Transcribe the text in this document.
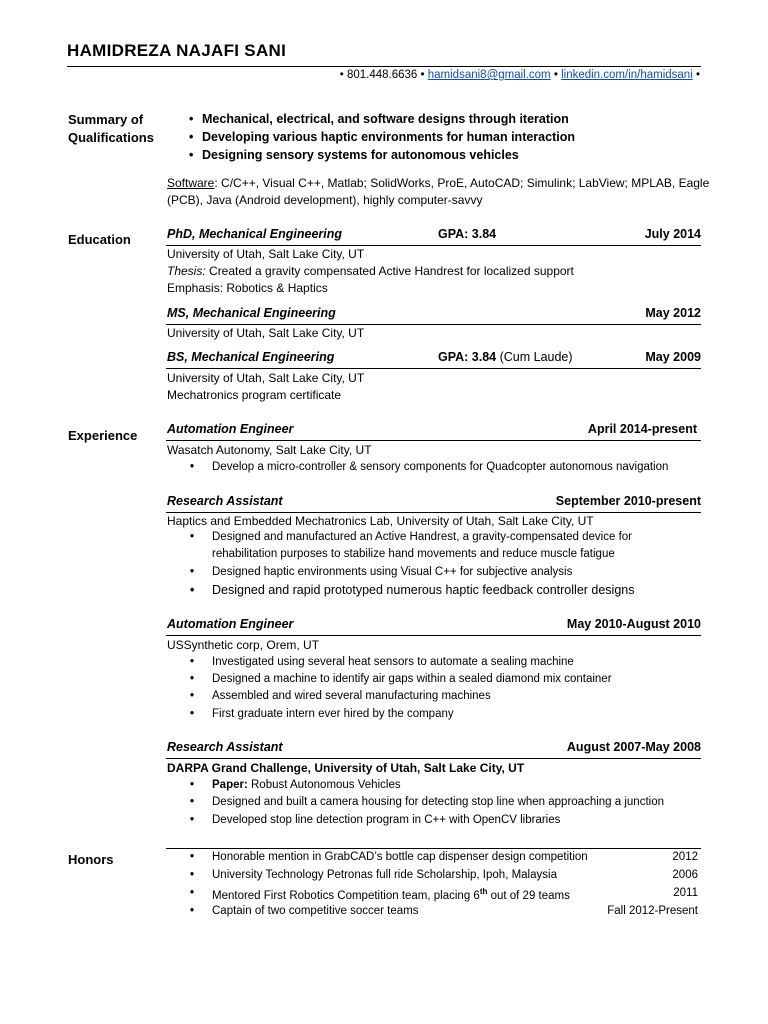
HAMIDREZA NAJAFI SANI
• 801.448.6636 • hamidsani8@gmail.com • linkedin.com/in/hamidsani •
Summary of
Qualifications
• Mechanical, electrical, and software designs through iteration
• Developing various haptic environments for human interaction
• Designing sensory systems for autonomous vehicles
Software: C/C++, Visual C++, Matlab; SolidWorks, ProE, AutoCAD; Simulink; LabView; MPLAB, Eagle
(PCB), Java (Android development), highly computer-savvy
Education	PhD, Mechanical Engineering	GPA: 3.84	July 2014
University of Utah, Salt Lake City, UT
Thesis: Created a gravity compensated Active Handrest for localized support
Emphasis: Robotics & Haptics
MS, Mechanical Engineering	May 2012
University of Utah, Salt Lake City, UT
BS, Mechanical Engineering	GPA: 3.84 (Cum Laude)	May 2009
University of Utah, Salt Lake City, UT
Mechatronics program certificate
Experience Automation Engineer	April 2014-present
Wasatch Autonomy, Salt Lake City, UT
• Develop a micro-controller & sensory components for Quadcopter autonomous navigation
Research Assistant	September 2010-present
Haptics and Embedded Mechatronics Lab, University of Utah, Salt Lake City, UT
• Designed and manufactured an Active Handrest, a gravity-compensated device for
rehabilitation purposes to stabilize hand movements and reduce muscle fatigue
• Designed haptic environments using Visual C++ for subjective analysis
• Designed and rapid prototyped numerous haptic feedback controller designs
Automation Engineer	May 2010-August 2010
USSynthetic corp, Orem, UT
• Investigated using several heat sensors to automate a sealing machine
• Designed a machine to identify air gaps within a sealed diamond mix container
• Assembled and wired several manufacturing machines
• First graduate intern ever hired by the company
Research Assistant	August 2007-May 2008
DARPA Grand Challenge, University of Utah, Salt Lake City, UT
• Paper: Robust Autonomous Vehicles
• Designed and built a camera housing for detecting stop line when approaching a junction
• Developed stop line detection program in C++ with OpenCV libraries
Honors
•	Honorable mention in GrabCAD’s bottle cap dispenser design competition	2012
• University Technology Petronas full ride Scholarship, Ipoh, Malaysia	2006
• Mentored First Robotics Competition team, placing 6th out of 29 teams	2011
• Captain of two competitive soccer teams	Fall 2012-Present
